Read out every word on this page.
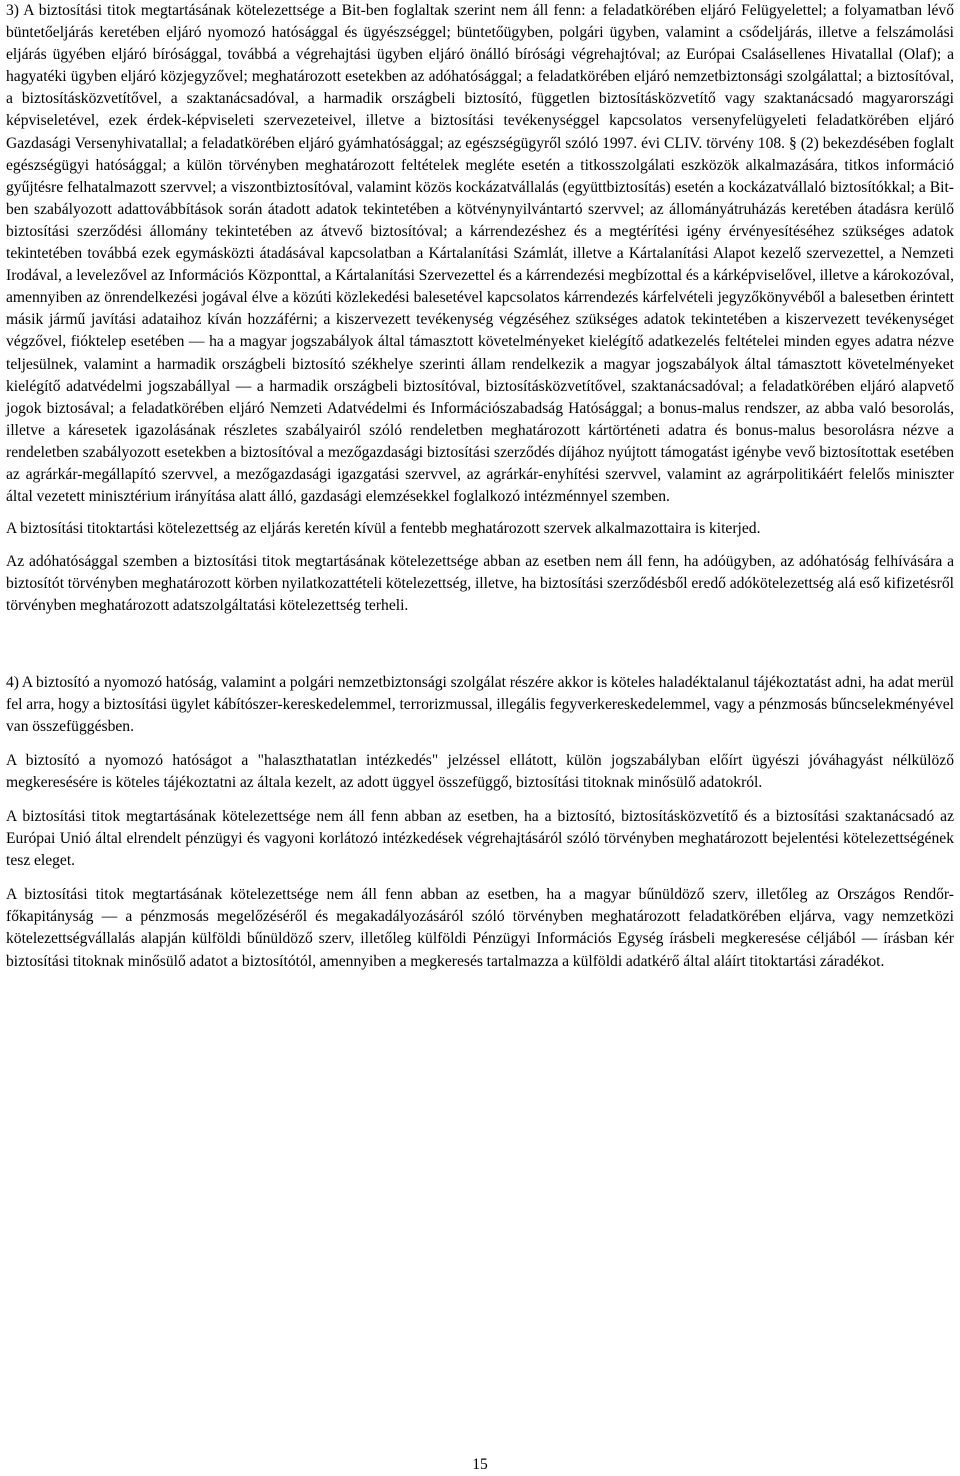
3) A biztosítási titok megtartásának kötelezettsége a Bit-ben foglaltak szerint nem áll fenn: a feladatkörében eljáró Felügyelettel; a folyamatban lévő büntetőeljárás keretében eljáró nyomozó hatósággal és ügyészséggel; büntetőügyben, polgári ügyben, valamint a csődeljárás, illetve a felszámolási eljárás ügyében eljáró bírósággal, továbbá a végrehajtási ügyben eljáró önálló bírósági végrehajtóval; az Európai Csalásellenes Hivatallal (Olaf); a hagyatéki ügyben eljáró közjegyzővel; meghatározott esetekben az adóhatósággal; a feladatkörében eljáró nemzetbiztonsági szolgálattal; a biztosítóval, a biztosításközvetítővel, a szaktanácsadóval, a harmadik országbeli biztosító, független biztosításközvetítő vagy szaktanácsadó magyarországi képviseletével, ezek érdek-képviseleti szervezeteivel, illetve a biztosítási tevékenységgel kapcsolatos versenyfelügyeleti feladatkörében eljáró Gazdasági Versenyhivatallal; a feladatkörében eljáró gyámhatósággal; az egészségügyről szóló 1997. évi CLIV. törvény 108. § (2) bekezdésében foglalt egészségügyi hatósággal; a külön törvényben meghatározott feltételek megléte esetén a titkosszolgálati eszközök alkalmazására, titkos információ gyűjtésre felhatalmazott szervvel; a viszontbiztosítóval, valamint közös kockázatvállalás (együttbiztosítás) esetén a kockázatvállaló biztosítókkal; a Bit-ben szabályozott adattovábbítások során átadott adatok tekintetében a kötvénynyilvántartó szervvel; az állományátruházás keretében átadásra kerülő biztosítási szerződési állomány tekintetében az átvevő biztosítóval; a kárrendezéshez és a megtérítési igény érvényesítéséhez szükséges adatok tekintetében továbbá ezek egymásközti átadásával kapcsolatban a Kártalanítási Számlát, illetve a Kártalanítási Alapot kezelő szervezettel, a Nemzeti Irodával, a levelezővel az Információs Központtal, a Kártalanítási Szervezettel és a kárrendezési megbízottal és a kárképviselővel, illetve a károkozóval, amennyiben az önrendelkezési jogával élve a közúti közlekedési balesetével kapcsolatos kárrendezés kárfelvételi jegyzőkönyvéből a balesetben érintett másik jármű javítási adataihoz kíván hozzáférni; a kiszervezett tevékenység végzéséhez szükséges adatok tekintetében a kiszervezett tevékenységet végzővel, fióktelep esetében — ha a magyar jogszabályok által támasztott követelményeket kielégítő adatkezelés feltételei minden egyes adatra nézve teljesülnek, valamint a harmadik országbeli biztosító székhelye szerinti állam rendelkezik a magyar jogszabályok által támasztott követelményeket kielégítő adatvédelmi jogszabállyal — a harmadik országbeli biztosítóval, biztosításközvetítővel, szaktanácsadóval; a feladatkörében eljáró alapvető jogok biztosával; a feladatkörében eljáró Nemzeti Adatvédelmi és Információszabadság Hatósággal; a bonus-malus rendszer, az abba való besorolás, illetve a káresetek igazolásának részletes szabályairól szóló rendeletben meghatározott kártörténeti adatra és bonus-malus besorolásra nézve a rendeletben szabályozott esetekben a biztosítóval a mezőgazdasági biztosítási szerződés díjához nyújtott támogatást igénybe vevő biztosítottak esetében az agrárkár-megállapító szervvel, a mezőgazdasági igazgatási szervvel, az agrárkár-enyhítési szervvel, valamint az agrárpolitikáért felelős miniszter által vezetett minisztérium irányítása alatt álló, gazdasági elemzésekkel foglalkozó intézménnyel szemben.

A biztosítási titoktartási kötelezettség az eljárás keretén kívül a fentebb meghatározott szervek alkalmazottaira is kiterjed.

Az adóhatósággal szemben a biztosítási titok megtartásának kötelezettsége abban az esetben nem áll fenn, ha adóügyben, az adóhatóság felhívására a biztosítót törvényben meghatározott körben nyilatkozattételi kötelezettség, illetve, ha biztosítási szerződésből eredő adókötelezettség alá eső kifizetésről törvényben meghatározott adatszolgáltatási kötelezettség terheli.

4) A biztosító a nyomozó hatóság, valamint a polgári nemzetbiztonsági szolgálat részére akkor is köteles haladéktalanul tájékoztatást adni, ha adat merül fel arra, hogy a biztosítási ügylet kábítószer-kereskedelemmel, terrorizmussal, illegális fegyverkereskedelemmel, vagy a pénzmosás bűncselekményével van összefüggésben.

A biztosító a nyomozó hatóságot a "halaszthatatlan intézkedés" jelzéssel ellátott, külön jogszabályban előírt ügyészi jóváhagyást nélkülöző megkeresésére is köteles tájékoztatni az általa kezelt, az adott üggyel összefüggő, biztosítási titoknak minősülő adatokról.

A biztosítási titok megtartásának kötelezettsége nem áll fenn abban az esetben, ha a biztosító, biztosításközvetítő és a biztosítási szaktanácsadó az Európai Unió által elrendelt pénzügyi és vagyoni korlátozó intézkedések végrehajtásáról szóló törvényben meghatározott bejelentési kötelezettségének tesz eleget.

A biztosítási titok megtartásának kötelezettsége nem áll fenn abban az esetben, ha a magyar bűnüldöző szerv, illetőleg az Országos Rendőr-főkapitányság — a pénzmosás megelőzéséről és megakadályozásáról szóló törvényben meghatározott feladatkörében eljárva, vagy nemzetközi kötelezettségvállalás alapján külföldi bűnüldöző szerv, illetőleg külföldi Pénzügyi Információs Egység írásbeli megkeresése céljából — írásban kér biztosítási titoknak minősülő adatot a biztosítótól, amennyiben a megkeresés tartalmazza a külföldi adatkérő által aláírt titoktartási záradékot.

15
